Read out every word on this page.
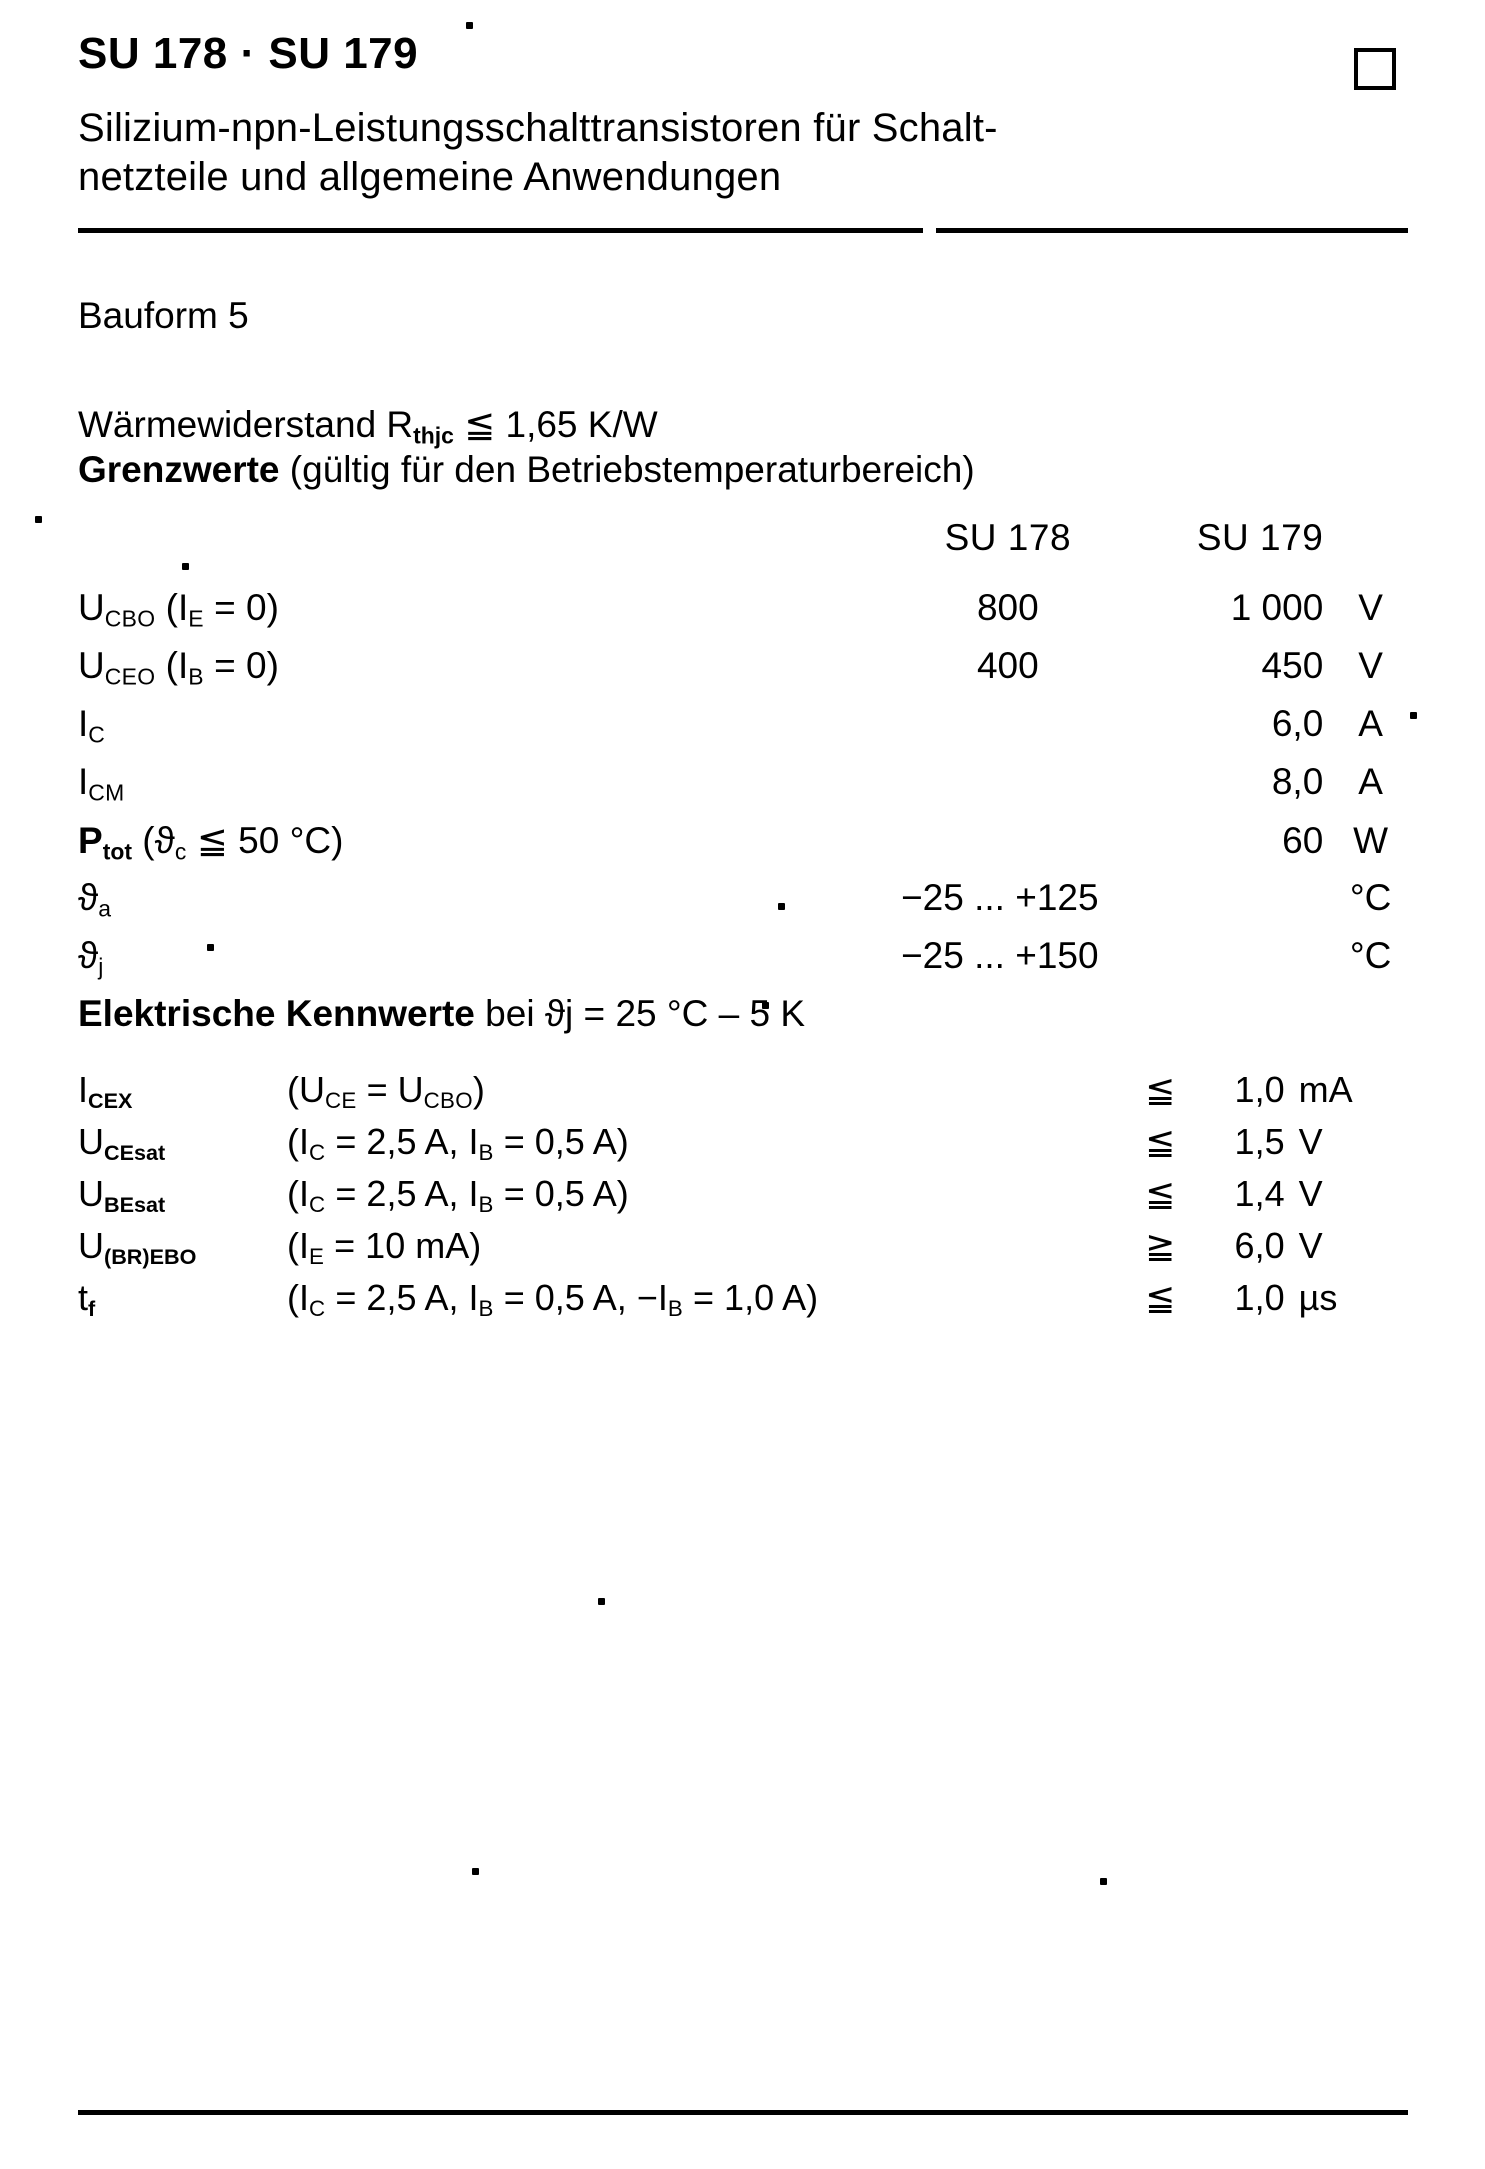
SU 178 · SU 179
Silizium-npn-Leistungsschalttransistoren für Schalt-
netzteile und allgemeine Anwendungen
Bauform 5
Wärmewiderstand Rthjc ≦ 1,65 K/W
Grenzwerte (gültig für den Betriebstemperaturbereich)
	SU 178	SU 179	
$U_{CBO}$ $(I_E = 0)$	800	1 000	V
$U_{CEO}$ $(I_B = 0)$	400	450	V
$I_C$		6,0	A
$I_{CM}$		8,0	A
Ptot ($ϑ_c$ ≦ 50 °C)		60	W
$ϑ_a$	−25 ... +125		°C
$ϑ_j$	−25 ... +150		°C
Elektrische Kennwerte bei ϑj = 25 °C – 5 K
ICEX	$(U_{CE} = U_{CBO})$	≦	1,0	mA
UCEsat	($I_C = 2,5$ A, $I_B = 0,5$ A)	≦	1,5	V
UBEsat	($I_C = 2,5$ A, $I_B = 0,5$ A)	≦	1,4	V
U(BR)EBO	($I_E = 10$ mA)	≧	6,0	V
tf	($I_C = 2,5$ A, $I_B = 0,5$ A, $-I_B = 1,0$ A)	≦	1,0	µs
